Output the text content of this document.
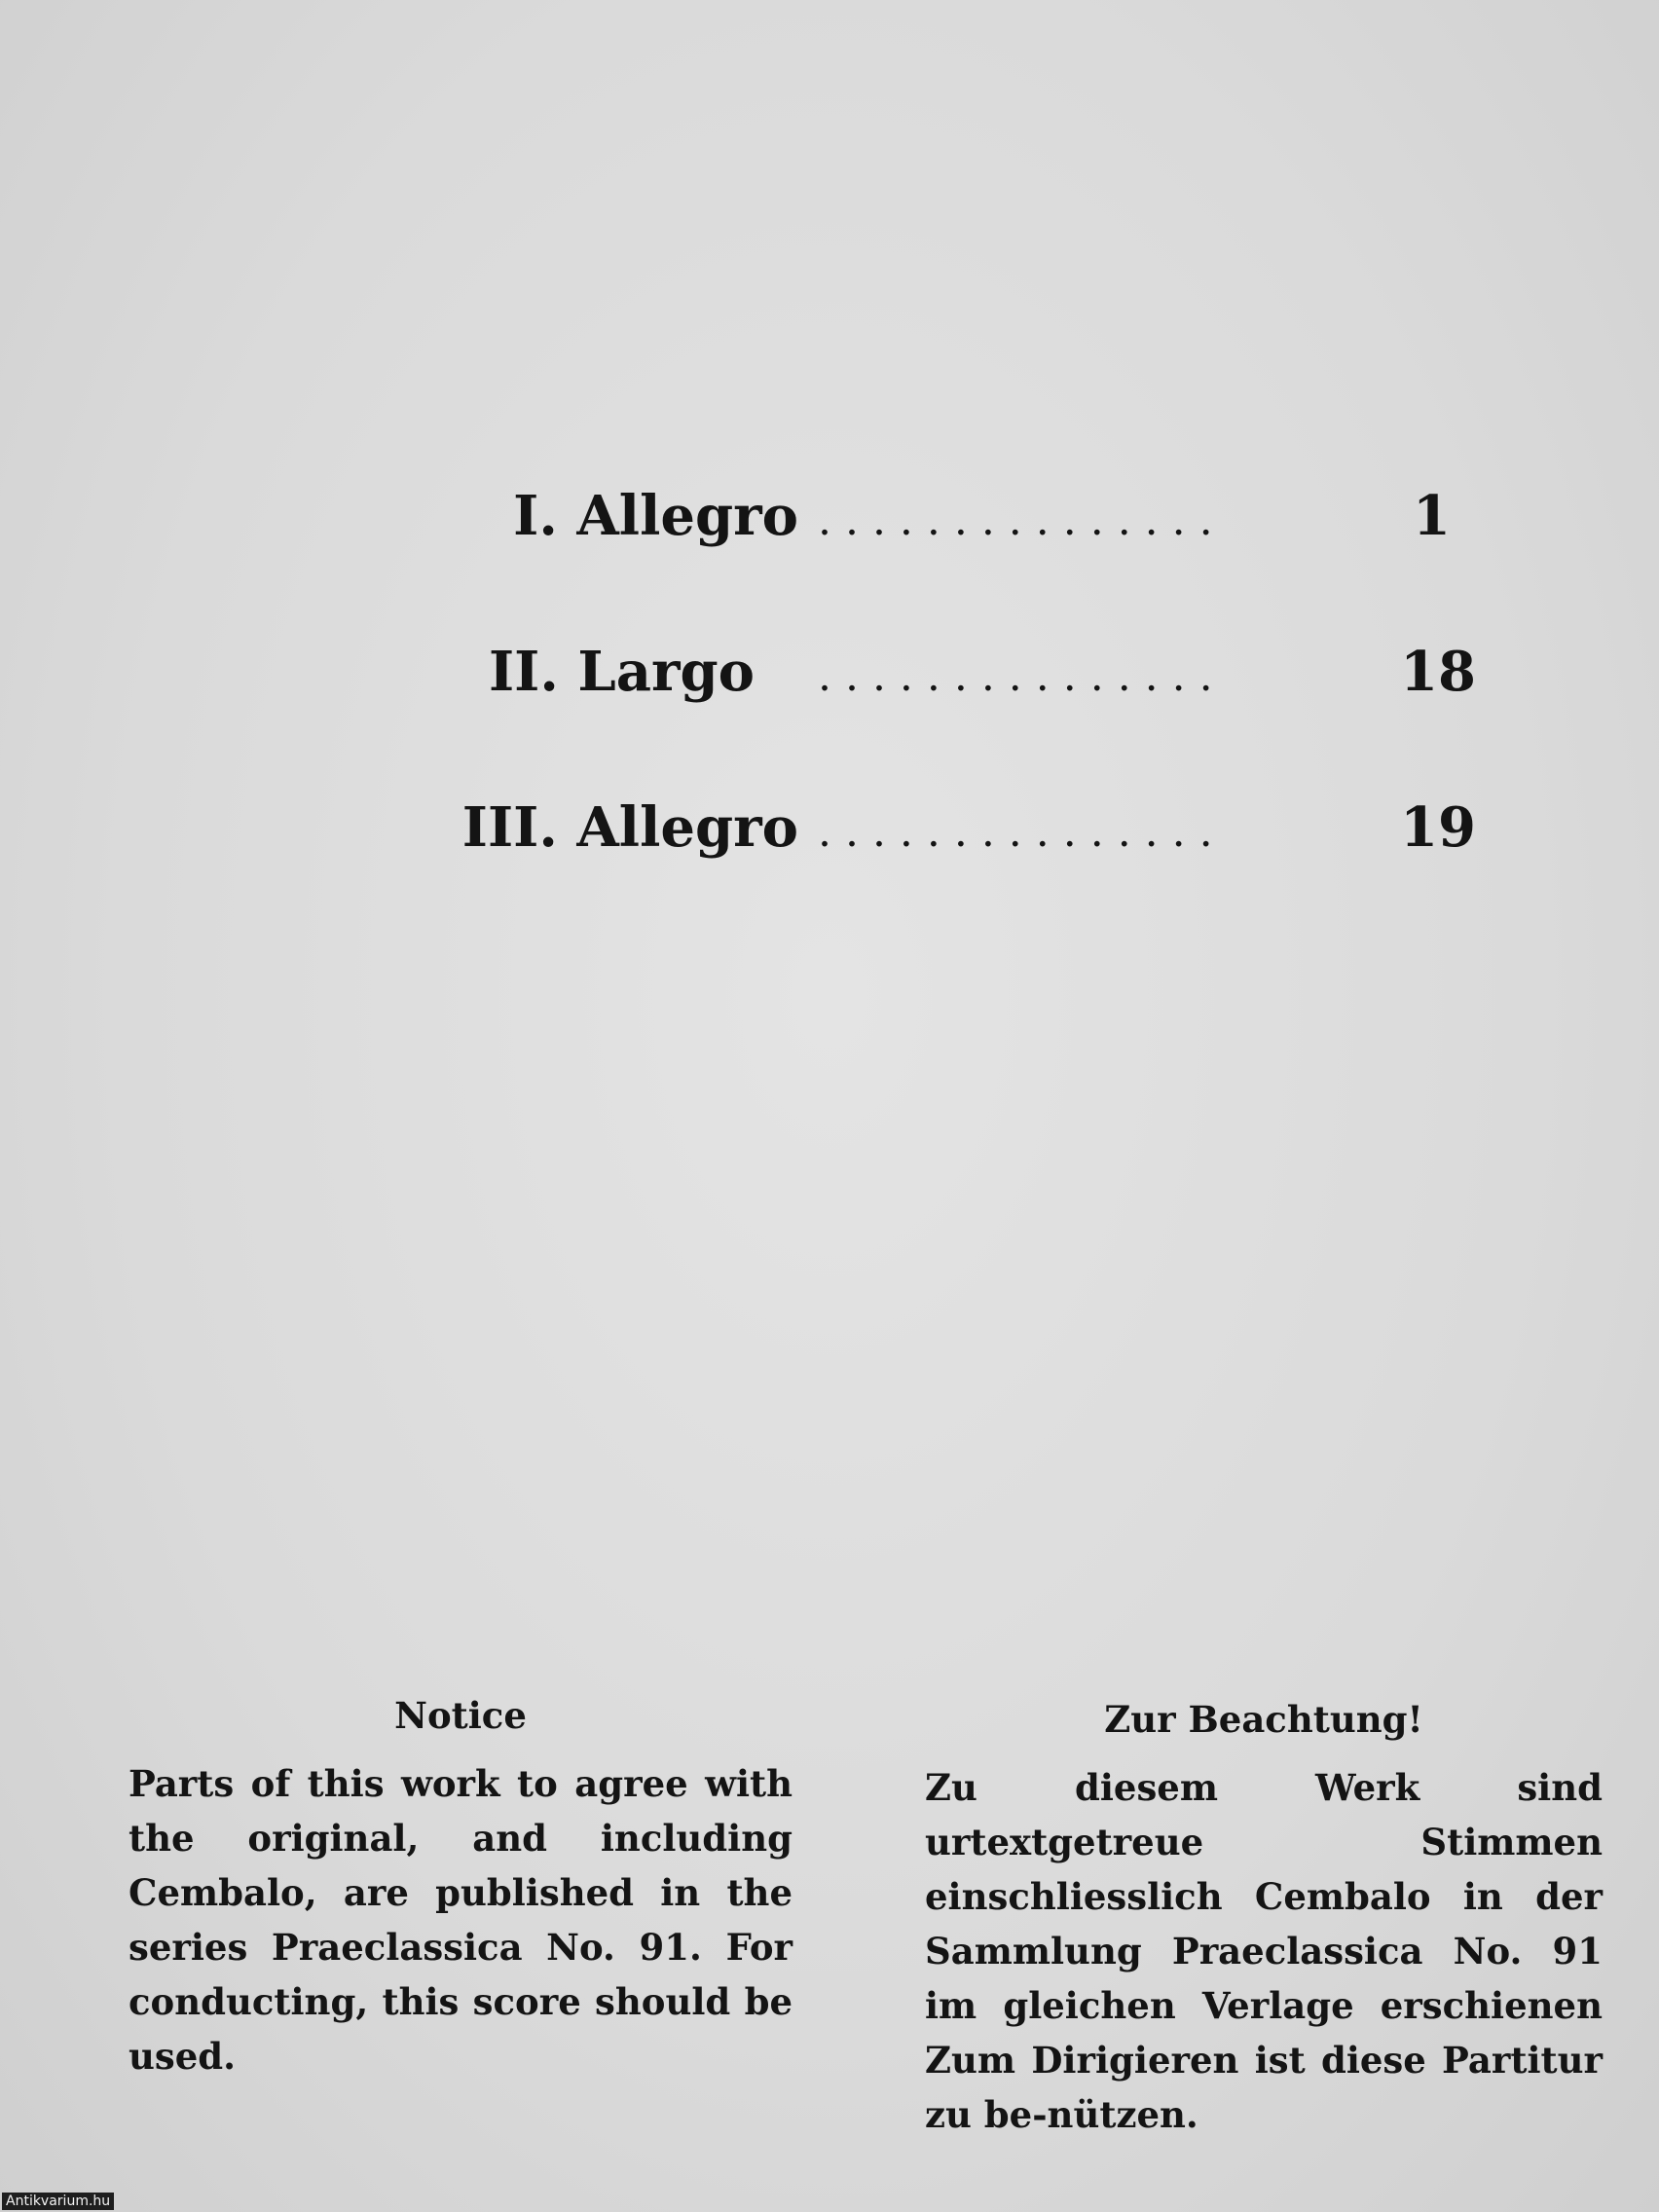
I. Allegro . . . . . . . . . . . . . . .	1
II. Largo . . . . . . . . . . . . . . .	18
III. Allegro . . . . . . . . . . . . . . .	19

Notice

Parts of this work to agree with the original, and including Cembalo, are published in the series Praeclassica No. 91. For conducting, this score should be used.

Zur Beachtung!

Zu diesem Werk sind urtextgetreue Stimmen einschliesslich Cembalo in der Sammlung Praeclassica No. 91 im gleichen Verlage erschienen Zum Dirigieren ist diese Partitur zu be-nützen.

Antikvarium.hu
